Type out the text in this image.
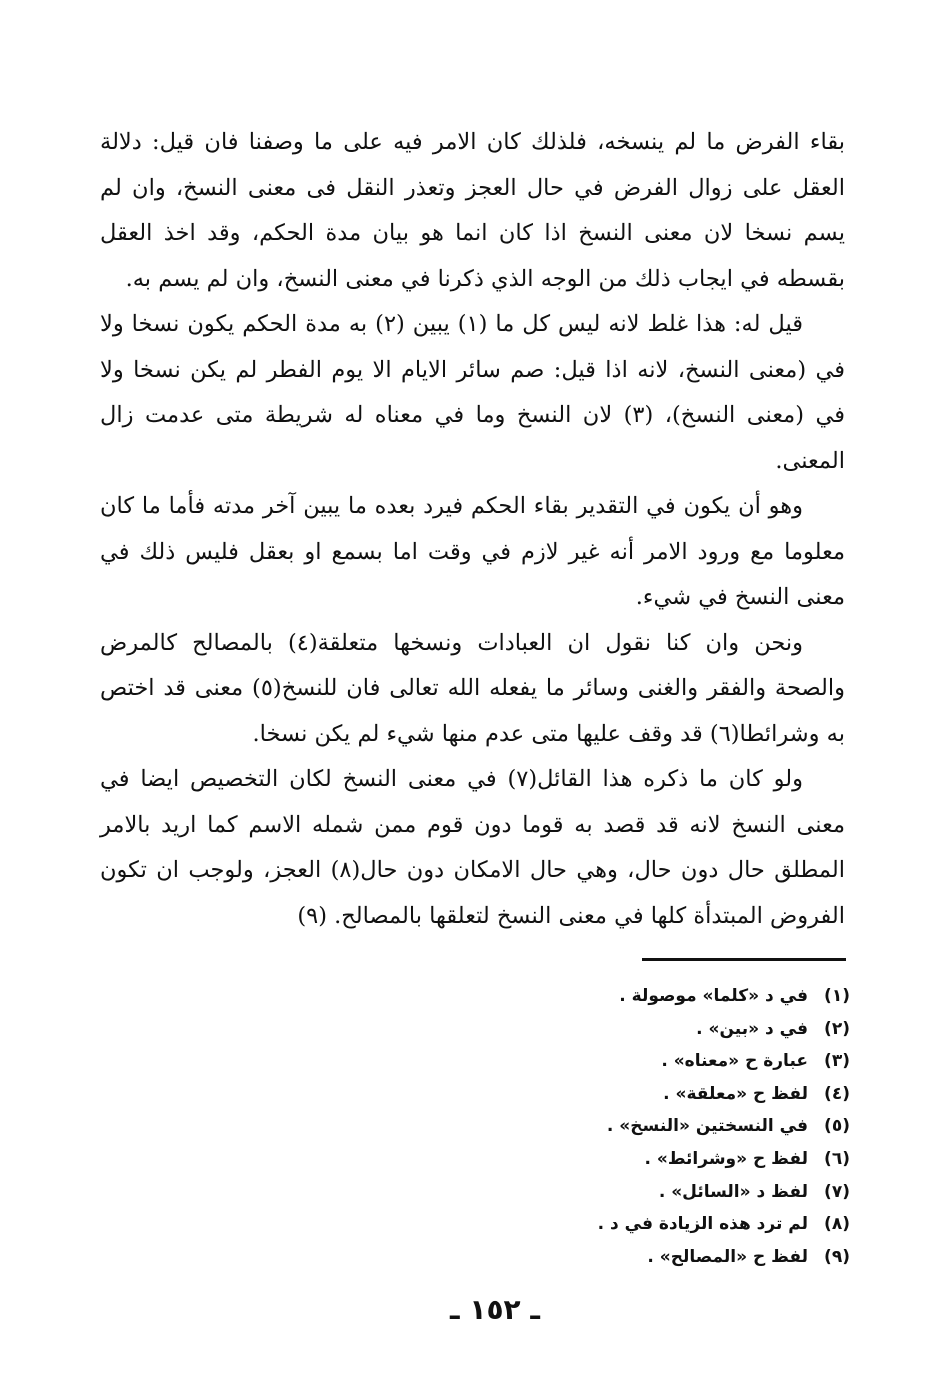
بقاء الفرض ما لم ينسخه، فلذلك كان الامر فيه على ما وصفنا فان قيل: دلالة العقل على زوال الفرض في حال العجز وتعذر النقل فى معنى النسخ، وان لم يسم نسخا لان معنى النسخ اذا كان انما هو بيان مدة الحكم، وقد اخذ العقل بقسطه في ايجاب ذلك من الوجه الذي ذكرنا في معنى النسخ، وان لم يسم به.

قيل له: هذا غلط لانه ليس كل ما (١) يبين (٢) به مدة الحكم يكون نسخا ولا في (معنى النسخ، لانه اذا قيل: صم سائر الايام الا يوم الفطر لم يكن نسخا ولا في (معنى النسخ)، (٣) لان النسخ وما في معناه له شريطة متى عدمت زال المعنى.

وهو أن يكون في التقدير بقاء الحكم فيرد بعده ما يبين آخر مدته فأما ما كان معلوما مع ورود الامر أنه غير لازم في وقت اما بسمع او بعقل فليس ذلك في معنى النسخ في شيء.

ونحن وان كنا نقول ان العبادات ونسخها متعلقة(٤) بالمصالح كالمرض والصحة والفقر والغنى وسائر ما يفعله الله تعالى فان للنسخ(٥) معنى قد اختص به وشرائطا(٦) قد وقف عليها متى عدم منها شيء لم يكن نسخا.

ولو كان ما ذكره هذا القائل(٧) في معنى النسخ لكان التخصيص ايضا في معنى النسخ لانه قد قصد به قوما دون قوم ممن شمله الاسم كما اريد بالامر المطلق حال دون حال، وهي حال الامكان دون حال(٨) العجز، ولوجب ان تكون الفروض المبتدأة كلها في معنى النسخ لتعلقها بالمصالح. (٩)

(١)في د «كلما» موصولة .
(٢)في د «بين» .
(٣)عبارة ح «معناه» .
(٤)لفظ ح «معلقة» .
(٥)في النسختين «النسخ» .
(٦)لفظ ح «وشرائط» .
(٧)لفظ د «السائل» .
(٨)لم ترد هذه الزيادة في د .
(٩)لفظ ح «المصالح» .
ـ ١٥٢ ـ
